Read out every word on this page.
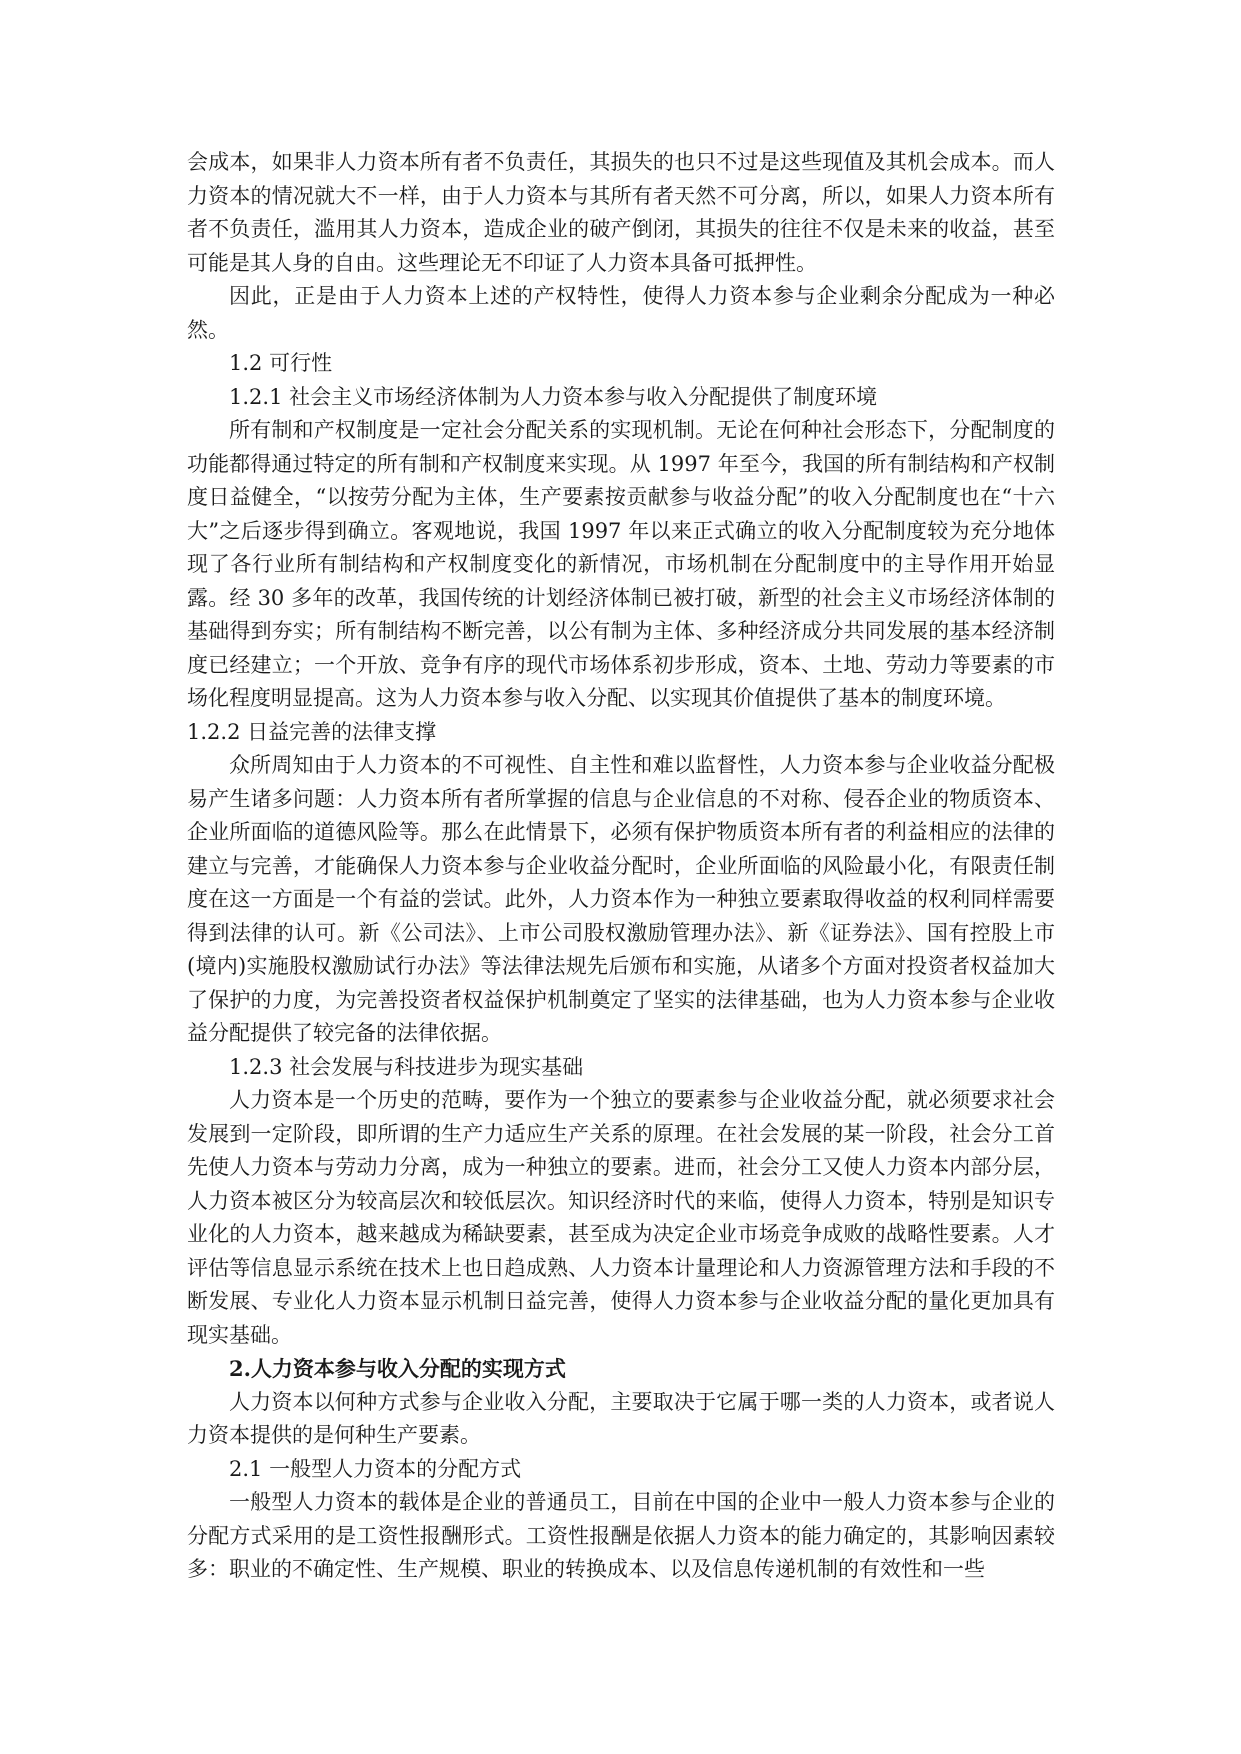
会成本，如果非人力资本所有者不负责任，其损失的也只不过是这些现值及其机会成本。而人力资本的情况就大不一样，由于人力资本与其所有者天然不可分离，所以，如果人力资本所有者不负责任，滥用其人力资本，造成企业的破产倒闭，其损失的往往不仅是未来的收益，甚至可能是其人身的自由。这些理论无不印证了人力资本具备可抵押性。

因此，正是由于人力资本上述的产权特性，使得人力资本参与企业剩余分配成为一种必然。

1.2 可行性

1.2.1 社会主义市场经济体制为人力资本参与收入分配提供了制度环境

所有制和产权制度是一定社会分配关系的实现机制。无论在何种社会形态下，分配制度的功能都得通过特定的所有制和产权制度来实现。从 1997 年至今，我国的所有制结构和产权制度日益健全，“以按劳分配为主体，生产要素按贡献参与收益分配”的收入分配制度也在“十六大”之后逐步得到确立。客观地说，我国 1997 年以来正式确立的收入分配制度较为充分地体现了各行业所有制结构和产权制度变化的新情况，市场机制在分配制度中的主导作用开始显露。经 30 多年的改革，我国传统的计划经济体制已被打破，新型的社会主义市场经济体制的基础得到夯实；所有制结构不断完善，以公有制为主体、多种经济成分共同发展的基本经济制度已经建立；一个开放、竞争有序的现代市场体系初步形成，资本、土地、劳动力等要素的市场化程度明显提高。这为人力资本参与收入分配、以实现其价值提供了基本的制度环境。

1.2.2 日益完善的法律支撑

众所周知由于人力资本的不可视性、自主性和难以监督性，人力资本参与企业收益分配极易产生诸多问题：人力资本所有者所掌握的信息与企业信息的不对称、侵吞企业的物质资本、企业所面临的道德风险等。那么在此情景下，必须有保护物质资本所有者的利益相应的法律的建立与完善，才能确保人力资本参与企业收益分配时，企业所面临的风险最小化，有限责任制度在这一方面是一个有益的尝试。此外，人力资本作为一种独立要素取得收益的权利同样需要得到法律的认可。新《公司法》、上市公司股权激励管理办法》、新《证券法》、国有控股上市(境内)实施股权激励试行办法》等法律法规先后颁布和实施，从诸多个方面对投资者权益加大了保护的力度，为完善投资者权益保护机制奠定了坚实的法律基础，也为人力资本参与企业收益分配提供了较完备的法律依据。

1.2.3 社会发展与科技进步为现实基础

人力资本是一个历史的范畴，要作为一个独立的要素参与企业收益分配，就必须要求社会发展到一定阶段，即所谓的生产力适应生产关系的原理。在社会发展的某一阶段，社会分工首先使人力资本与劳动力分离，成为一种独立的要素。进而，社会分工又使人力资本内部分层，人力资本被区分为较高层次和较低层次。知识经济时代的来临，使得人力资本，特别是知识专业化的人力资本，越来越成为稀缺要素，甚至成为决定企业市场竞争成败的战略性要素。人才评估等信息显示系统在技术上也日趋成熟、人力资本计量理论和人力资源管理方法和手段的不断发展、专业化人力资本显示机制日益完善，使得人力资本参与企业收益分配的量化更加具有现实基础。

2.人力资本参与收入分配的实现方式

人力资本以何种方式参与企业收入分配，主要取决于它属于哪一类的人力资本，或者说人力资本提供的是何种生产要素。

2.1 一般型人力资本的分配方式

一般型人力资本的载体是企业的普通员工，目前在中国的企业中一般人力资本参与企业的分配方式采用的是工资性报酬形式。工资性报酬是依据人力资本的能力确定的，其影响因素较多：职业的不确定性、生产规模、职业的转换成本、以及信息传递机制的有效性和一些
